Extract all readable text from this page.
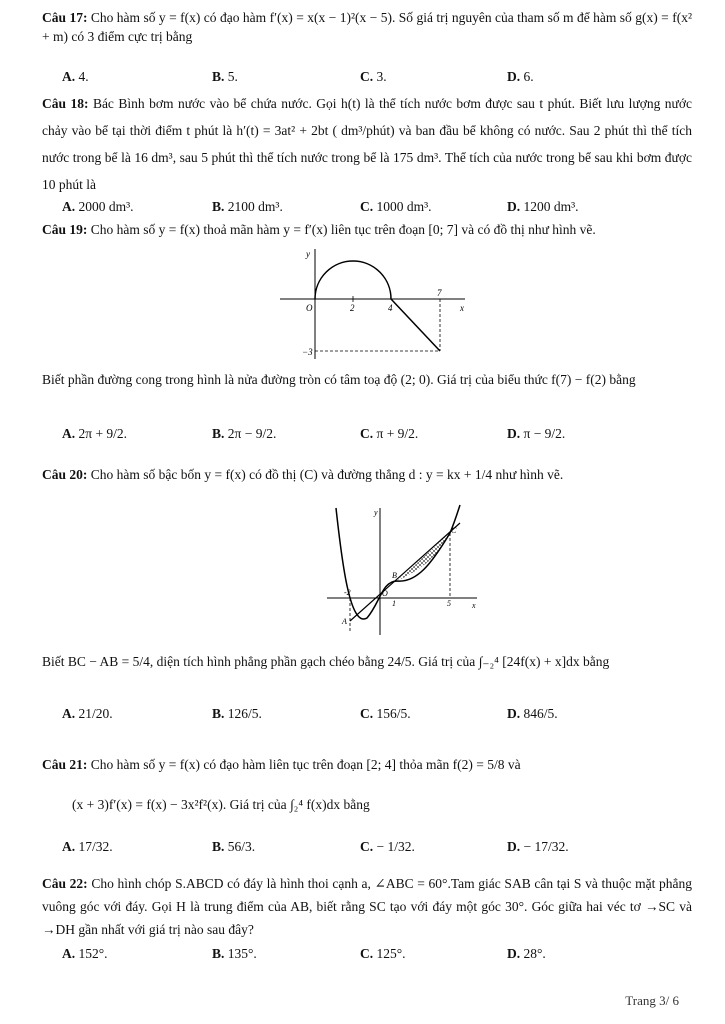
Câu 17: Cho hàm số y = f(x) có đạo hàm f′(x) = x(x − 1)²(x − 5). Số giá trị nguyên của tham số m để hàm số g(x) = f(x² + m) có 3 điểm cực trị bằng
A. 4.	B. 5.	C. 3.	D. 6.
Câu 18: Bác Bình bơm nước vào bể chứa nước. Gọi h(t) là thể tích nước bơm được sau t phút. Biết lưu lượng nước chảy vào bể tại thời điểm t phút là h′(t) = 3at² + 2bt ( dm³/phút) và ban đầu bể không có nước. Sau 2 phút thì thể tích nước trong bể là 16 dm³, sau 5 phút thì thể tích nước trong bể là 175 dm³. Thể tích của nước trong bể sau khi bơm được 10 phút là
A. 2000 dm³.	B. 2100 dm³.	C. 1000 dm³.	D. 1200 dm³.
Câu 19: Cho hàm số y = f(x) thoả mãn hàm y = f′(x) liên tục trên đoạn [0; 7] và có đồ thị như hình vẽ.
y
O	x
2	4
7
−3
Biết phần đường cong trong hình là nửa đường tròn có tâm toạ độ (2; 0). Giá trị của biểu thức f(7) − f(2) bằng
A. 2π + 9/2.	B. 2π − 9/2.	C. π + 9/2.	D. π − 9/2.
Câu 20: Cho hàm số bậc bốn y = f(x) có đồ thị (C) và đường thẳng d : y = kx + 1/4 như hình vẽ.
y
x
O
A
B
C
-2
1	5
Biết BC − AB = 5/4, diện tích hình phẳng phần gạch chéo bằng 24/5. Giá trị của ∫₋₂⁴ [24f(x) + x]dx bằng
A. 21/20.	B. 126/5.	C. 156/5.	D. 846/5.
Câu 21: Cho hàm số y = f(x) có đạo hàm liên tục trên đoạn [2; 4] thỏa mãn f(2) = 5/8 và
(x + 3)f′(x) = f(x) − 3x²f²(x). Giá trị của ∫₂⁴ f(x)dx bằng
A. 17/32.	B. 56/3.	C. − 1/32.	D. − 17/32.
Câu 22: Cho hình chóp S.ABCD có đáy là hình thoi cạnh a, ∠ABC = 60°.Tam giác SAB cân tại S và thuộc mặt phẳng vuông góc với đáy. Gọi H là trung điểm của AB, biết rằng SC tạo với đáy một góc 30°. Góc giữa hai véc tơ →SC và →DH gần nhất với giá trị nào sau đây?
A. 152°.	B. 135°.	C. 125°.	D. 28°.
Trang 3/ 6
